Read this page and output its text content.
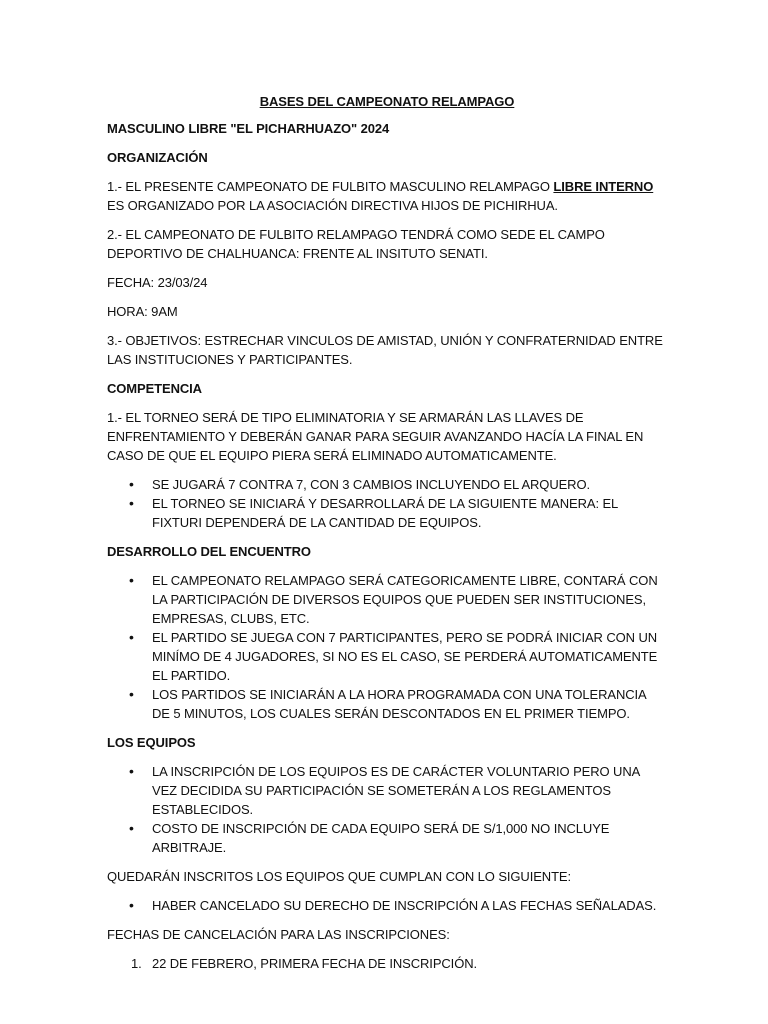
BASES DEL CAMPEONATO RELAMPAGO

MASCULINO LIBRE "EL PICHARHUAZO" 2024

ORGANIZACIÓN

1.- EL PRESENTE CAMPEONATO DE FULBITO MASCULINO RELAMPAGO LIBRE INTERNO ES ORGANIZADO POR LA ASOCIACIÓN DIRECTIVA HIJOS DE PICHIRHUA.

2.- EL CAMPEONATO DE FULBITO RELAMPAGO TENDRÁ COMO SEDE EL CAMPO DEPORTIVO DE CHALHUANCA: FRENTE AL INSITUTO SENATI.

FECHA: 23/03/24

HORA: 9AM

3.- OBJETIVOS: ESTRECHAR VINCULOS DE AMISTAD, UNIÓN Y CONFRATERNIDAD ENTRE LAS INSTITUCIONES Y PARTICIPANTES.

COMPETENCIA

1.- EL TORNEO SERÁ DE TIPO ELIMINATORIA Y SE ARMARÁN LAS LLAVES DE ENFRENTAMIENTO Y DEBERÁN GANAR PARA SEGUIR AVANZANDO HACÍA LA FINAL EN CASO DE QUE EL EQUIPO PIERA SERÁ ELIMINADO AUTOMATICAMENTE.

• SE JUGARÁ 7 CONTRA 7, CON 3 CAMBIOS INCLUYENDO EL ARQUERO.
• EL TORNEO SE INICIARÁ Y DESARROLLARÁ DE LA SIGUIENTE MANERA: EL FIXTURI DEPENDERÁ DE LA CANTIDAD DE EQUIPOS.

DESARROLLO DEL ENCUENTRO

• EL CAMPEONATO RELAMPAGO SERÁ CATEGORICAMENTE LIBRE, CONTARÁ CON LA PARTICIPACIÓN DE DIVERSOS EQUIPOS QUE PUEDEN SER INSTITUCIONES, EMPRESAS, CLUBS, ETC.
• EL PARTIDO SE JUEGA CON 7 PARTICIPANTES, PERO SE PODRÁ INICIAR CON UN MINÍMO DE 4 JUGADORES, SI NO ES EL CASO, SE PERDERÁ AUTOMATICAMENTE EL PARTIDO.
• LOS PARTIDOS SE INICIARÁN A LA HORA PROGRAMADA CON UNA TOLERANCIA DE 5 MINUTOS, LOS CUALES SERÁN DESCONTADOS EN EL PRIMER TIEMPO.

LOS EQUIPOS

• LA INSCRIPCIÓN DE LOS EQUIPOS ES DE CARÁCTER VOLUNTARIO PERO UNA VEZ DECIDIDA SU PARTICIPACIÓN SE SOMETERÁN A LOS REGLAMENTOS ESTABLECIDOS.
• COSTO DE INSCRIPCIÓN DE CADA EQUIPO SERÁ DE S/1,000 NO INCLUYE ARBITRAJE.

QUEDARÁN INSCRITOS LOS EQUIPOS QUE CUMPLAN CON LO SIGUIENTE:

• HABER CANCELADO SU DERECHO DE INSCRIPCIÓN A LAS FECHAS SEÑALADAS.

FECHAS DE CANCELACIÓN PARA LAS INSCRIPCIONES:

1. 22 DE FEBRERO, PRIMERA FECHA DE INSCRIPCIÓN.
